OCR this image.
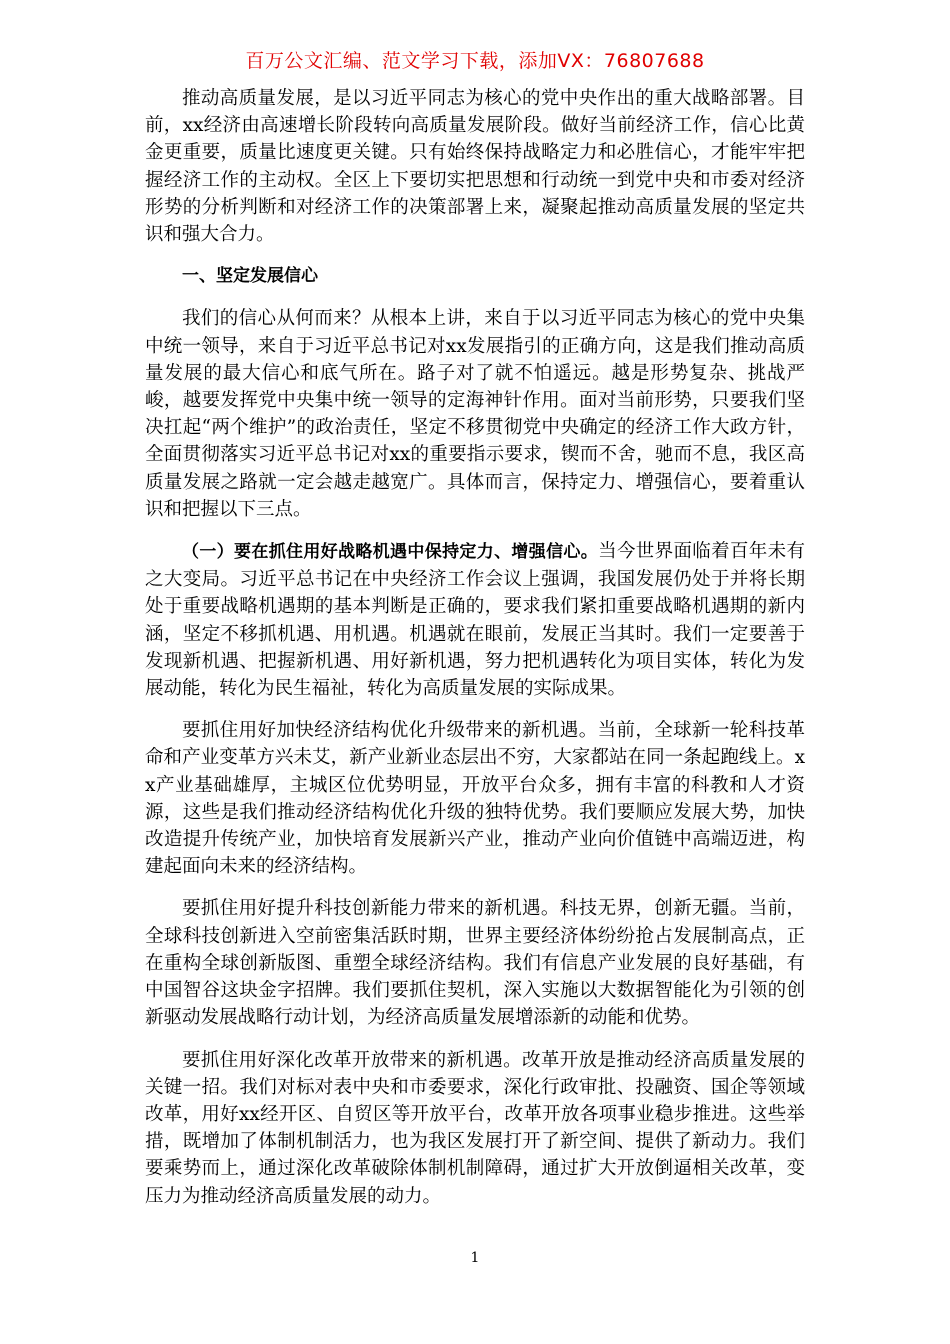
百万公文汇编、范文学习下载，添加VX：76807688

推动高质量发展，是以习近平同志为核心的党中央作出的重大战略部署。目前，xx经济由高速增长阶段转向高质量发展阶段。做好当前经济工作，信心比黄金更重要，质量比速度更关键。只有始终保持战略定力和必胜信心，才能牢牢把握经济工作的主动权。全区上下要切实把思想和行动统一到党中央和市委对经济形势的分析判断和对经济工作的决策部署上来，凝聚起推动高质量发展的坚定共识和强大合力。

一、坚定发展信心

我们的信心从何而来？从根本上讲，来自于以习近平同志为核心的党中央集中统一领导，来自于习近平总书记对xx发展指引的正确方向，这是我们推动高质量发展的最大信心和底气所在。路子对了就不怕遥远。越是形势复杂、挑战严峻，越要发挥党中央集中统一领导的定海神针作用。面对当前形势，只要我们坚决扛起“两个维护”的政治责任，坚定不移贯彻党中央确定的经济工作大政方针，全面贯彻落实习近平总书记对xx的重要指示要求，锲而不舍，驰而不息，我区高质量发展之路就一定会越走越宽广。具体而言，保持定力、增强信心，要着重认识和把握以下三点。

（一）要在抓住用好战略机遇中保持定力、增强信心。当今世界面临着百年未有之大变局。习近平总书记在中央经济工作会议上强调，我国发展仍处于并将长期处于重要战略机遇期的基本判断是正确的，要求我们紧扣重要战略机遇期的新内涵，坚定不移抓机遇、用机遇。机遇就在眼前，发展正当其时。我们一定要善于发现新机遇、把握新机遇、用好新机遇，努力把机遇转化为项目实体，转化为发展动能，转化为民生福祉，转化为高质量发展的实际成果。

要抓住用好加快经济结构优化升级带来的新机遇。当前，全球新一轮科技革命和产业变革方兴未艾，新产业新业态层出不穷，大家都站在同一条起跑线上。xx产业基础雄厚，主城区位优势明显，开放平台众多，拥有丰富的科教和人才资源，这些是我们推动经济结构优化升级的独特优势。我们要顺应发展大势，加快改造提升传统产业，加快培育发展新兴产业，推动产业向价值链中高端迈进，构建起面向未来的经济结构。

要抓住用好提升科技创新能力带来的新机遇。科技无界，创新无疆。当前，全球科技创新进入空前密集活跃时期，世界主要经济体纷纷抢占发展制高点，正在重构全球创新版图、重塑全球经济结构。我们有信息产业发展的良好基础，有中国智谷这块金字招牌。我们要抓住契机，深入实施以大数据智能化为引领的创新驱动发展战略行动计划，为经济高质量发展增添新的动能和优势。

要抓住用好深化改革开放带来的新机遇。改革开放是推动经济高质量发展的关键一招。我们对标对表中央和市委要求，深化行政审批、投融资、国企等领域改革，用好xx经开区、自贸区等开放平台，改革开放各项事业稳步推进。这些举措，既增加了体制机制活力，也为我区发展打开了新空间、提供了新动力。我们要乘势而上，通过深化改革破除体制机制障碍，通过扩大开放倒逼相关改革，变压力为推动经济高质量发展的动力。

1
